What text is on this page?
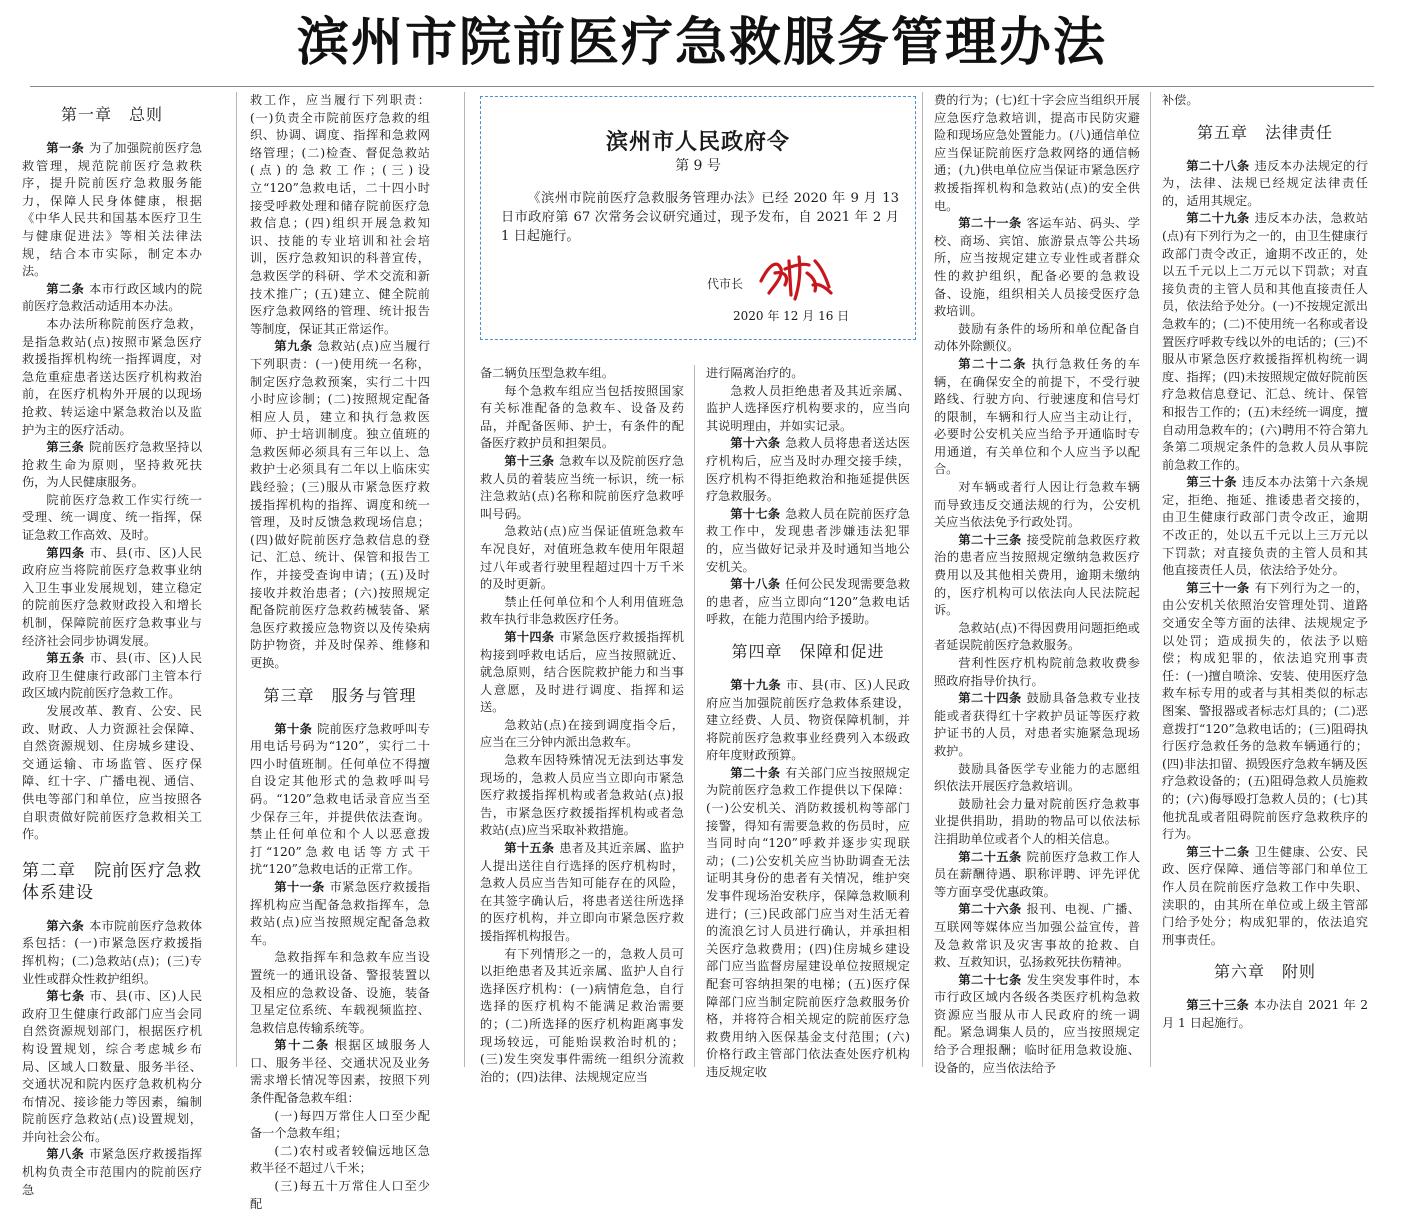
滨州市院前医疗急救服务管理办法
第一章　总则

第一条 为了加强院前医疗急救管理，规范院前医疗急救秩序，提升院前医疗急救服务能力，保障人民身体健康，根据《中华人民共和国基本医疗卫生与健康促进法》等相关法律法规，结合本市实际，制定本办法。

第二条 本市行政区域内的院前医疗急救活动适用本办法。

本办法所称院前医疗急救，是指急救站(点)按照市紧急医疗救援指挥机构统一指挥调度，对急危重症患者送达医疗机构救治前，在医疗机构外开展的以现场抢救、转运途中紧急救治以及监护为主的医疗活动。

第三条 院前医疗急救坚持以抢救生命为原则，坚持救死扶伤，为人民健康服务。

院前医疗急救工作实行统一受理、统一调度、统一指挥，保证急救工作高效、及时。

第四条 市、县(市、区)人民政府应当将院前医疗急救事业纳入卫生事业发展规划，建立稳定的院前医疗急救财政投入和增长机制，保障院前医疗急救事业与经济社会同步协调发展。

第五条 市、县(市、区)人民政府卫生健康行政部门主管本行政区域内院前医疗急救工作。

发展改革、教育、公安、民政、财政、人力资源社会保障、自然资源规划、住房城乡建设、交通运输、市场监管、医疗保障、红十字、广播电视、通信、供电等部门和单位，应当按照各自职责做好院前医疗急救相关工作。

第二章　院前医疗急救体系建设

第六条 本市院前医疗急救体系包括：(一)市紧急医疗救援指挥机构；(二)急救站(点)；(三)专业性或群众性救护组织。

第七条 市、县(市、区)人民政府卫生健康行政部门应当会同自然资源规划部门，根据医疗机构设置规划，综合考虑城乡布局、区域人口数量、服务半径、交通状况和院内医疗急救机构分布情况、接诊能力等因素，编制院前医疗急救站(点)设置规划，并向社会公布。

第八条 市紧急医疗救援指挥机构负责全市范围内的院前医疗急

救工作，应当履行下列职责：(一)负责全市院前医疗急救的组织、协调、调度、指挥和急救网络管理；(二)检查、督促急救站(点)的急救工作；(三)设立“120”急救电话，二十四小时接受呼救处理和储存院前医疗急救信息；(四)组织开展急救知识、技能的专业培训和社会培训，医疗急救知识的科普宣传，急救医学的科研、学术交流和新技术推广；(五)建立、健全院前医疗急救网络的管理、统计报告等制度，保证其正常运作。

第九条 急救站(点)应当履行下列职责：(一)使用统一名称，制定医疗急救预案，实行二十四小时应诊制；(二)按照规定配备相应人员，建立和执行急救医师、护士培训制度。独立值班的急救医师必须具有三年以上、急救护士必须具有二年以上临床实践经验；(三)服从市紧急医疗救援指挥机构的指挥、调度和统一管理，及时反馈急救现场信息；(四)做好院前医疗急救信息的登记、汇总、统计、保管和报告工作，并接受查询申请；(五)及时接收并救治患者；(六)按照规定配备院前医疗急救药械装备、紧急医疗救援应急物资以及传染病防护物资，并及时保养、维修和更换。

第三章　服务与管理

第十条 院前医疗急救呼叫专用电话号码为“120”，实行二十四小时值班制。任何单位不得擅自设定其他形式的急救呼叫号码。“120”急救电话录音应当至少保存三年，并提供依法查询。禁止任何单位和个人以恶意拨打“120”急救电话等方式干扰“120”急救电话的正常工作。

第十一条 市紧急医疗救援指挥机构应当配备急救指挥车，急救站(点)应当按照规定配备急救车。

急救指挥车和急救车应当设置统一的通讯设备、警报装置以及相应的急救设备、设施，装备卫星定位系统、车载视频监控、急救信息传输系统等。

第十二条 根据区域服务人口、服务半径、交通状况及业务需求增长情况等因素，按照下列条件配备急救车组：

(一)每四万常住人口至少配备一个急救车组；

(二)农村或者较偏远地区急救半径不超过八千米；

(三)每五十万常住人口至少配

滨州市人民政府令
第 9 号
《滨州市院前医疗急救服务管理办法》已经 2020 年 9 月 13 日市政府第 67 次常务会议研究通过，现予发布，自 2021 年 2 月 1 日起施行。
代市长
2020 年 12 月 16 日

备二辆负压型急救车组。

每个急救车组应当包括按照国家有关标准配备的急救车、设备及药品，并配备医师、护士，有条件的配备医疗救护员和担架员。

第十三条 急救车以及院前医疗急救人员的着装应当统一标识，统一标注急救站(点)名称和院前医疗急救呼叫号码。

急救站(点)应当保证值班急救车车况良好，对值班急救车使用年限超过八年或者行驶里程超过四十万千米的及时更新。

禁止任何单位和个人利用值班急救车执行非急救医疗任务。

第十四条 市紧急医疗救援指挥机构接到呼救电话后，应当按照就近、就急原则，结合医院救护能力和当事人意愿，及时进行调度、指挥和运送。

急救站(点)在接到调度指令后，应当在三分钟内派出急救车。

急救车因特殊情况无法到达事发现场的，急救人员应当立即向市紧急医疗救援指挥机构或者急救站(点)报告，市紧急医疗救援指挥机构或者急救站(点)应当采取补救措施。

第十五条 患者及其近亲属、监护人提出送往自行选择的医疗机构时，急救人员应当告知可能存在的风险，在其签字确认后，将患者送往所选择的医疗机构，并立即向市紧急医疗救援指挥机构报告。

有下列情形之一的，急救人员可以拒绝患者及其近亲属、监护人自行选择医疗机构：(一)病情危急，自行选择的医疗机构不能满足救治需要的；(二)所选择的医疗机构距离事发现场较远，可能贻误救治时机的；(三)发生突发事件需统一组织分流救治的；(四)法律、法规规定应当

进行隔离治疗的。

急救人员拒绝患者及其近亲属、监护人选择医疗机构要求的，应当向其说明理由，并如实记录。

第十六条 急救人员将患者送达医疗机构后，应当及时办理交接手续，医疗机构不得拒绝救治和拖延提供医疗急救服务。

第十七条 急救人员在院前医疗急救工作中，发现患者涉嫌违法犯罪的，应当做好记录并及时通知当地公安机关。

第十八条 任何公民发现需要急救的患者，应当立即向“120”急救电话呼救，在能力范围内给予援助。

第四章　保障和促进

第十九条 市、县(市、区)人民政府应当加强院前医疗急救体系建设，建立经费、人员、物资保障机制，并将院前医疗急救事业经费列入本级政府年度财政预算。

第二十条 有关部门应当按照规定为院前医疗急救工作提供以下保障：(一)公安机关、消防救援机构等部门接警，得知有需要急救的伤员时，应当同时向“120”呼救并逐步实现联动；(二)公安机关应当协助调查无法证明其身份的患者有关情况，维护突发事件现场治安秩序，保障急救顺利进行；(三)民政部门应当对生活无着的流浪乞讨人员进行确认，并承担相关医疗急救费用；(四)住房城乡建设部门应当监督房屋建设单位按照规定配套可容纳担架的电梯；(五)医疗保障部门应当制定院前医疗急救服务价格，并将符合相关规定的院前医疗急救费用纳入医保基金支付范围；(六)价格行政主管部门依法查处医疗机构违反规定收

费的行为；(七)红十字会应当组织开展应急医疗急救培训，提高市民防灾避险和现场应急处置能力。(八)通信单位应当保证院前医疗急救网络的通信畅通；(九)供电单位应当保证市紧急医疗救援指挥机构和急救站(点)的安全供电。

第二十一条 客运车站、码头、学校、商场、宾馆、旅游景点等公共场所，应当按规定建立专业性或者群众性的救护组织，配备必要的急救设备、设施，组织相关人员接受医疗急救培训。

鼓励有条件的场所和单位配备自动体外除颤仪。

第二十二条 执行急救任务的车辆，在确保安全的前提下，不受行驶路线、行驶方向、行驶速度和信号灯的限制，车辆和行人应当主动让行，必要时公安机关应当给予开通临时专用通道，有关单位和个人应当予以配合。

对车辆或者行人因让行急救车辆而导致违反交通法规的行为，公安机关应当依法免予行政处罚。

第二十三条 接受院前急救医疗救治的患者应当按照规定缴纳急救医疗费用以及其他相关费用，逾期未缴纳的，医疗机构可以依法向人民法院起诉。

急救站(点)不得因费用问题拒绝或者延误院前医疗急救服务。

营利性医疗机构院前急救收费参照政府指导价执行。

第二十四条 鼓励具备急救专业技能或者获得红十字救护员证等医疗救护证书的人员，对患者实施紧急现场救护。

鼓励具备医学专业能力的志愿组织依法开展医疗急救培训。

鼓励社会力量对院前医疗急救事业提供捐助，捐助的物品可以依法标注捐助单位或者个人的相关信息。

第二十五条 院前医疗急救工作人员在薪酬待遇、职称评聘、评先评优等方面享受优惠政策。

第二十六条 报刊、电视、广播、互联网等媒体应当加强公益宣传，普及急救常识及灾害事故的抢救、自救、互救知识，弘扬救死扶伤精神。

第二十七条 发生突发事件时，本市行政区域内各级各类医疗机构急救资源应当服从市人民政府的统一调配。紧急调集人员的，应当按照规定给予合理报酬；临时征用急救设施、设备的，应当依法给予

补偿。

第五章　法律责任

第二十八条 违反本办法规定的行为，法律、法规已经规定法律责任的，适用其规定。

第二十九条 违反本办法，急救站(点)有下列行为之一的，由卫生健康行政部门责令改正，逾期不改正的，处以五千元以上二万元以下罚款；对直接负责的主管人员和其他直接责任人员，依法给予处分。(一)不按规定派出急救车的；(二)不使用统一名称或者设置医疗呼救专线以外的电话的；(三)不服从市紧急医疗救援指挥机构统一调度、指挥；(四)未按照规定做好院前医疗急救信息登记、汇总、统计、保管和报告工作的；(五)未经统一调度，擅自动用急救车的；(六)聘用不符合第九条第二项规定条件的急救人员从事院前急救工作的。

第三十条 违反本办法第十六条规定，拒绝、拖延、推诿患者交接的，由卫生健康行政部门责令改正，逾期不改正的，处以五千元以上三万元以下罚款；对直接负责的主管人员和其他直接责任人员，依法给予处分。

第三十一条 有下列行为之一的，由公安机关依照治安管理处罚、道路交通安全等方面的法律、法规规定予以处罚；造成损失的，依法予以赔偿；构成犯罪的，依法追究刑事责任：(一)擅自喷涂、安装、使用医疗急救车标专用的或者与其相类似的标志图案、警报器或者标志灯具的；(二)恶意拨打“120”急救电话的；(三)阻碍执行医疗急救任务的急救车辆通行的；(四)非法扣留、损毁医疗急救车辆及医疗急救设备的；(五)阻碍急救人员施救的；(六)侮辱殴打急救人员的；(七)其他扰乱或者阻碍院前医疗急救秩序的行为。

第三十二条 卫生健康、公安、民政、医疗保障、通信等部门和单位工作人员在院前医疗急救工作中失职、渎职的，由其所在单位或上级主管部门给予处分；构成犯罪的，依法追究刑事责任。

第六章　附则

第三十三条 本办法自 2021 年 2 月 1 日起施行。
